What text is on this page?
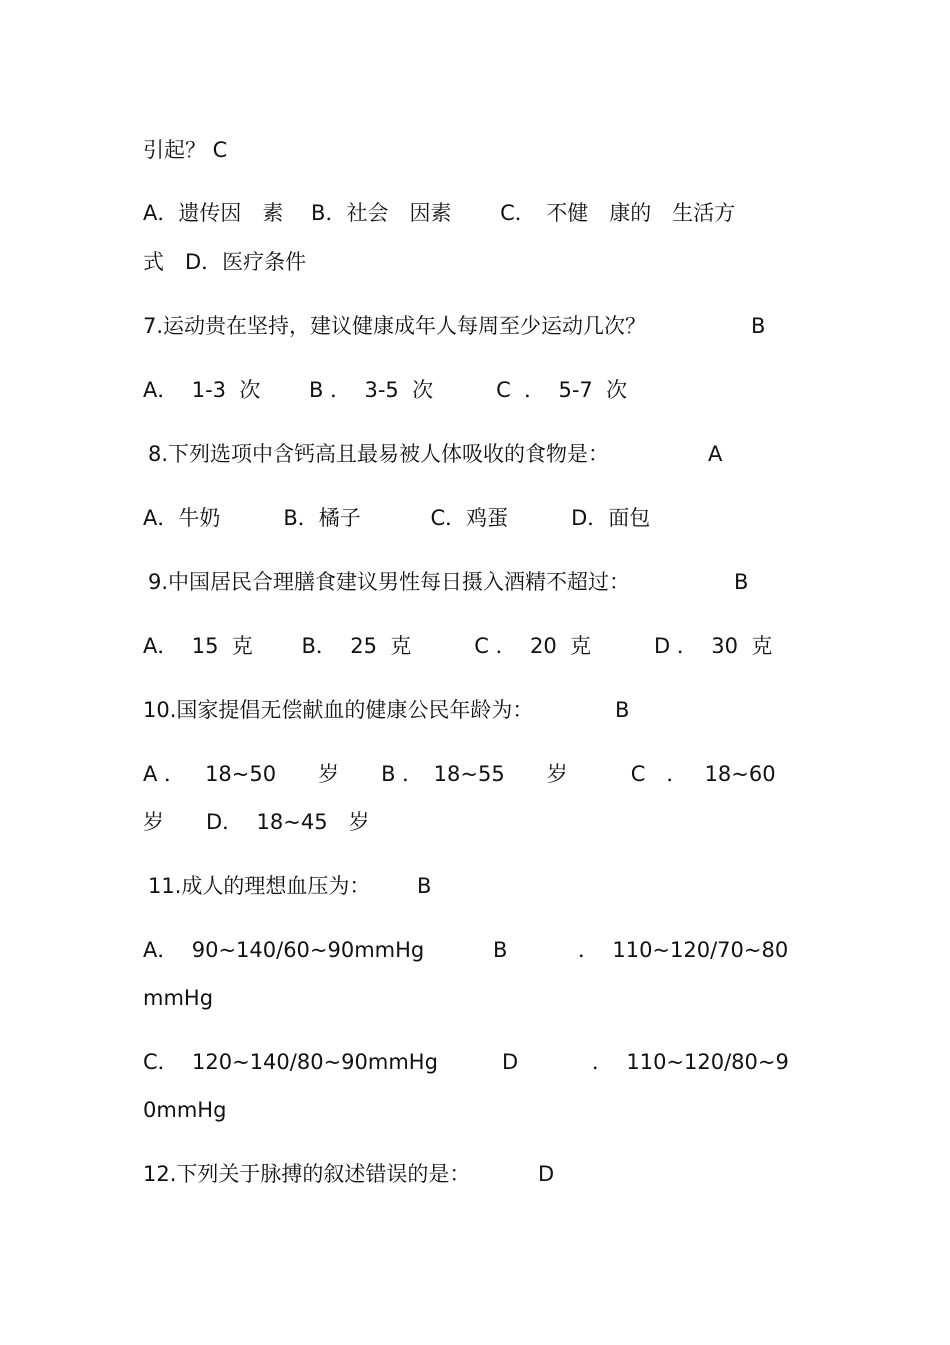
引起？ C
A．遗传因　素　 B．社会　因素　　 C．　不健　康的　生活方
式　D．医疗条件
7.运动贵在坚持，建议健康成年人每周至少运动几次？	B
A．  1-3  次　　 B ．  3-5  次　　　C  ．  5-7  次
8.下列选项中含钙高且最易被人体吸收的食物是：	A
A．牛奶　　　B．橘子　　　 C．鸡蛋　　　D．面包
9.中国居民合理膳食建议男性每日摄入酒精不超过：	B
A．  15  克　　 B．  25  克　　　C ．  20  克　　　D ．  30  克
10.国家提倡无偿献血的健康公民年龄为：	B
A ．   18~50　　岁　　B ．　18~55　　岁　　　C　．　 18~60
岁　　D．  18~45　岁
11.成人的理想血压为： B
A．  90~140/60~90mmHg	B	．  110~120/70~80
mmHg
C．  120~140/80~90mmHg	D	．  110~120/80~9
0mmHg
12.下列关于脉搏的叙述错误的是：	D
